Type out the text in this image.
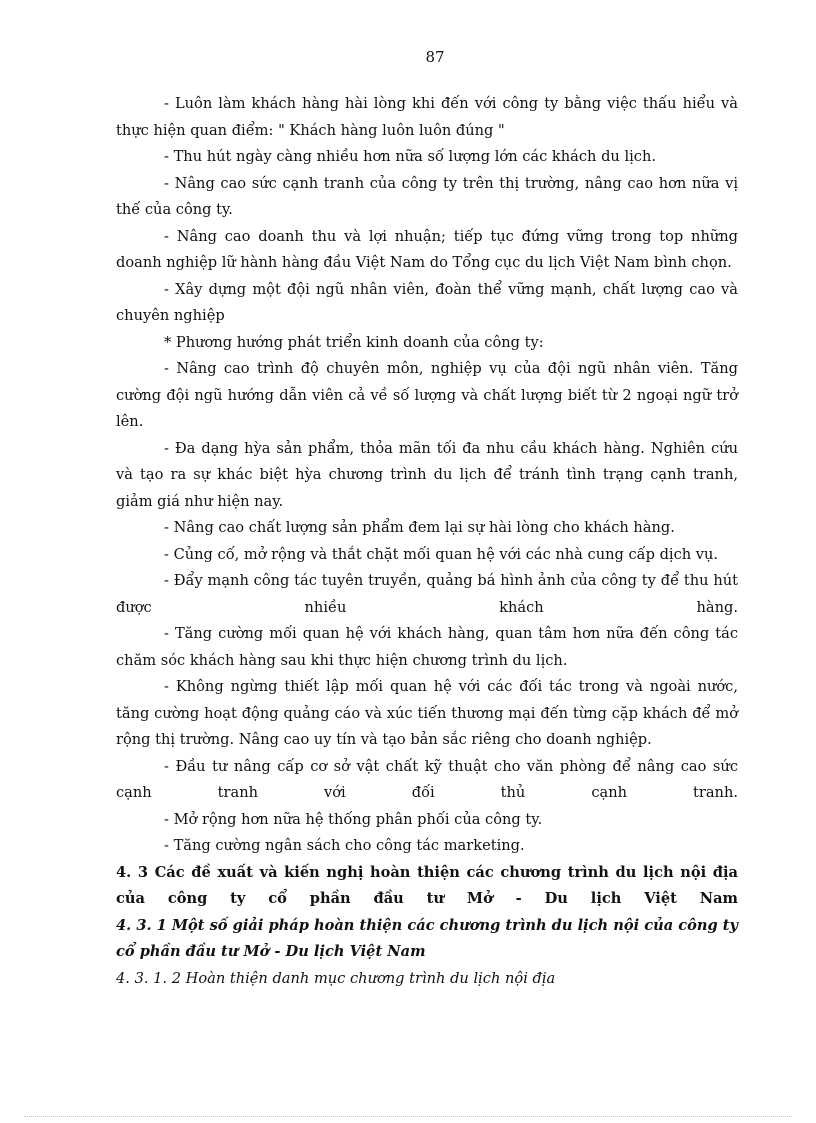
87

- Luôn làm khách hàng hài lòng khi đến với công ty bằng việc thấu hiểu và thực hiện quan điểm: " Khách hàng luôn luôn đúng "

- Thu hút ngày càng nhiều hơn nữa số lượng lớn các khách du lịch.

- Nâng cao sức cạnh tranh của công ty trên thị trường, nâng cao hơn nữa vị thế của công ty.

- Nâng cao doanh thu và lợi nhuận; tiếp tục đứng vững trong top những doanh nghiệp lữ hành hàng đầu Việt Nam do Tổng cục du lịch Việt Nam bình chọn.

- Xây dựng một đội ngũ nhân viên, đoàn thể vững mạnh, chất lượng cao và chuyên nghiệp

* Phương hướng phát triển kinh doanh của công ty:

- Nâng cao trình độ chuyên môn, nghiệp vụ của đội ngũ nhân viên. Tăng cường đội ngũ hướng dẫn viên cả về số lượng và chất lượng biết từ 2 ngoại ngữ trở lên.

- Đa dạng hỳa sản phẩm, thỏa mãn tối đa nhu cầu khách hàng. Nghiên cứu và tạo ra sự khác biệt hỳa chương trình du lịch để tránh tình trạng cạnh tranh, giảm giá như hiện nay.

- Nâng cao chất lượng sản phẩm đem lại sự hài lòng cho khách hàng.

- Củng cố, mở rộng và thắt chặt mối quan hệ với các nhà cung cấp dịch vụ.

- Đẩy mạnh công tác tuyên truyền, quảng bá hình ảnh của công ty để thu hút được nhiều khách hàng.

- Tăng cường mối quan hệ với khách hàng, quan tâm hơn nữa đến công tác chăm sóc khách hàng sau khi thực hiện chương trình du lịch.

- Không ngừng thiết lập mối quan hệ với các đối tác trong và ngoài nước, tăng cường hoạt động quảng cáo và xúc tiến thương mại đến từng cặp khách để mở rộng thị trường. Nâng cao uy tín và tạo bản sắc riêng cho doanh nghiệp.

- Đầu tư nâng cấp cơ sở vật chất kỹ thuật cho văn phòng để nâng cao sức cạnh tranh với đối thủ cạnh tranh.

- Mở rộng hơn nữa hệ thống phân phối của công ty.

- Tăng cường ngân sách cho công tác marketing.

4. 3 Các đề xuất và kiến nghị hoàn thiện các chương trình du lịch nội địa của công ty cổ phần đầu tư Mở - Du lịch Việt Nam

4. 3. 1 Một số giải pháp hoàn thiện các chương trình du lịch nội của công ty cổ phần đầu tư Mở - Du lịch Việt Nam

4. 3. 1. 2 Hoàn thiện danh mục chương trình du lịch nội địa
